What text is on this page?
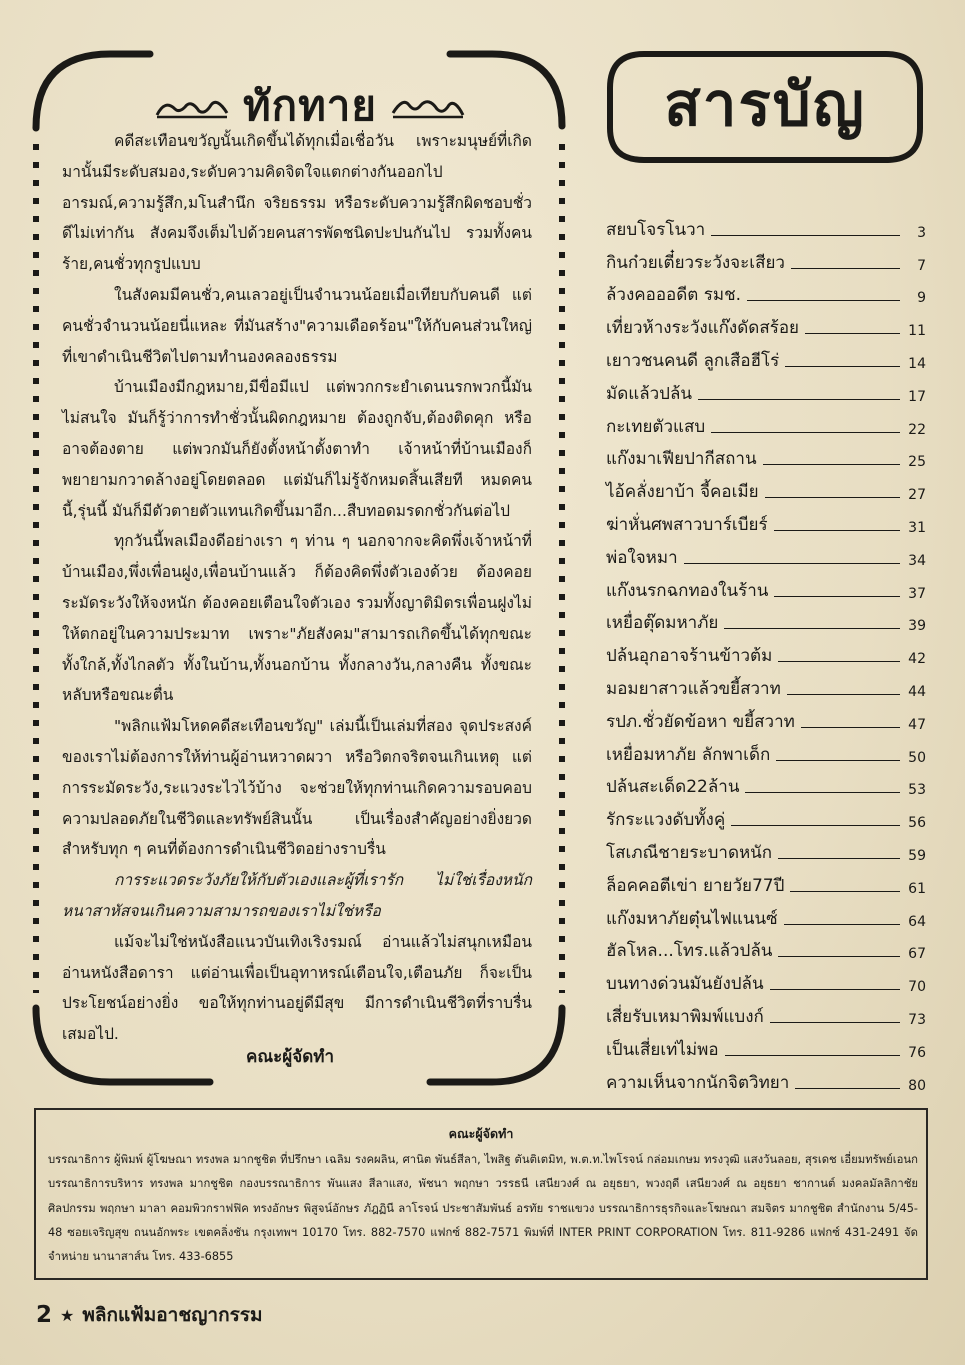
ทักทาย

คดีสะเทือนขวัญนั้นเกิดขึ้นได้ทุกเมื่อเชื่อวัน เพราะมนุษย์ที่เกิดมานั้นมีระดับสมอง,ระดับความคิดจิตใจแตกต่างกันออกไป อารมณ์,ความรู้สึก,มโนสำนึก จริยธรรม หรือระดับความรู้สึกผิดชอบชั่วดีไม่เท่ากัน สังคมจึงเต็มไปด้วยคนสารพัดชนิดปะปนกันไป รวมทั้งคนร้าย,คนชั่วทุกรูปแบบ

ในสังคมมีคนชั่ว,คนเลวอยู่เป็นจำนวนน้อยเมื่อเทียบกับคนดี แต่คนชั่วจำนวนน้อยนี่แหละ ที่มันสร้าง"ความเดือดร้อน"ให้กับคนส่วนใหญ่ที่เขาดำเนินชีวิตไปตามทำนองคลองธรรม

บ้านเมืองมีกฎหมาย,มีขื่อมีแป แต่พวกกระยำเดนนรกพวกนี้มันไม่สนใจ มันก็รู้ว่าการทำชั่วนั้นผิดกฎหมาย ต้องถูกจับ,ต้องติดคุก หรืออาจต้องตาย แต่พวกมันก็ยังตั้งหน้าตั้งตาทำ เจ้าหน้าที่บ้านเมืองก็พยายามกวาดล้างอยู่โดยตลอด แต่มันก็ไม่รู้จักหมดสิ้นเสียที หมดคนนี้,รุ่นนี้ มันก็มีตัวตายตัวแทนเกิดขึ้นมาอีก...สืบทอดมรดกชั่วกันต่อไป

ทุกวันนี้พลเมืองดีอย่างเรา ๆ ท่าน ๆ นอกจากจะคิดพึ่งเจ้าหน้าที่บ้านเมือง,พึ่งเพื่อนฝูง,เพื่อนบ้านแล้ว ก็ต้องคิดพึ่งตัวเองด้วย ต้องคอยระมัดระวังให้จงหนัก ต้องคอยเตือนใจตัวเอง รวมทั้งญาติมิตรเพื่อนฝูงไม่ให้ตกอยู่ในความประมาท เพราะ"ภัยสังคม"สามารถเกิดขึ้นได้ทุกขณะ ทั้งใกล้,ทั้งไกลตัว ทั้งในบ้าน,ทั้งนอกบ้าน ทั้งกลางวัน,กลางคืน ทั้งขณะหลับหรือขณะตื่น

"พลิกแฟ้มโหดคดีสะเทือนขวัญ" เล่มนี้เป็นเล่มที่สอง จุดประสงค์ของเราไม่ต้องการให้ท่านผู้อ่านหวาดผวา หรือวิตกจริตจนเกินเหตุ แต่การระมัดระวัง,ระแวงระไวไว้บ้าง จะช่วยให้ทุกท่านเกิดความรอบคอบ ความปลอดภัยในชีวิตและทรัพย์สินนั้น เป็นเรื่องสำคัญอย่างยิ่งยวด สำหรับทุก ๆ คนที่ต้องการดำเนินชีวิตอย่างราบรื่น

การระแวดระวังภัยให้กับตัวเองและผู้ที่เรารัก ไม่ใช่เรื่องหนักหนาสาหัสจนเกินความสามารถของเราไม่ใช่หรือ

แม้จะไม่ใช่หนังสือแนวบันเทิงเริงรมณ์ อ่านแล้วไม่สนุกเหมือนอ่านหนังสือดารา แต่อ่านเพื่อเป็นอุทาหรณ์เตือนใจ,เตือนภัย ก็จะเป็นประโยชน์อย่างยิ่ง ขอให้ทุกท่านอยู่ดีมีสุข มีการดำเนินชีวิตที่ราบรื่นเสมอไป.

คณะผู้จัดทำ
สารบัญ
สยบโจรโนวา	3
กินก๋วยเตี๋ยวระวังจะเสียว	7
ล้วงคอออดีต รมช.	9
เที่ยวห้างระวังแก๊งดัดสร้อย	11
เยาวชนคนดี ลูกเสือฮีโร่	14
มัดแล้วปล้น	17
กะเทยตัวแสบ	22
แก๊งมาเฟียปากีสถาน	25
ไอ้คลั่งยาบ้า จี้คอเมีย	27
ฆ่าหั่นศพสาวบาร์เบียร์	31
พ่อใจหมา	34
แก๊งนรกฉกทองในร้าน	37
เหยื่อตุ๊ดมหาภัย	39
ปล้นอุกอาจร้านข้าวต้ม	42
มอมยาสาวแล้วขยี้สวาท	44
รปภ.ชั่วยัดข้อหา ขยี้สวาท	47
เหยื่อมหาภัย ลักพาเด็ก	50
ปล้นสะเด็ด22ล้าน	53
รักระแวงดับทั้งคู่	56
โสเภณีชายระบาดหนัก	59
ล็อคคอตีเข่า ยายวัย77ปี	61
แก๊งมหาภัยตุ๋นไฟแนนซ์	64
ฮัลโหล...โทร.แล้วปล้น	67
บนทางด่วนมันยังปล้น	70
เสี่ยรับเหมาพิมพ์แบงก์	73
เป็นเสี่ยเท่ไม่พอ	76
ความเห็นจากนักจิตวิทยา	80
คณะผู้จัดทำ
บรรณาธิการ ผู้พิมพ์ ผู้โฆษณา ทรงพล มากชูชิต ที่ปรึกษา เฉลิม รงคผลิน, ศานิต พันธ์สีลา, ไพสิฐ ตันติเตมิท, พ.ต.ท.ไพโรจน์ กล่อมเกษม ทรงวุฒิ แสงวันลอย, สุรเดช เอี่ยมทรัพย์เอนก บรรณาธิการบริหาร ทรงพล มากชูชิต กองบรรณาธิการ พันแสง สีลาแสง, พัชนา พฤกษา วรรธนี เสนียวงศ์ ณ อยุธยา, พวงฤดี เสนียวงศ์ ณ อยุธยา ชากานต์ มงคลมัลลิกาชัย ศิลปกรรม พฤกษา มาลา คอมพิวกราฟฟิค ทรงอักษร พิสูจน์อักษร ภัฎฏินี ลาโรจน์ ประชาสัมพันธ์ อรทัย ราชแขวง บรรณาธิการธุรกิจและโฆษณา สมจิตร มากชูชิต สำนักงาน 5/45-48 ซอยเจริญสุข ถนนอักพระ เขตคลิ่งชัน กรุงเทพฯ 10170 โทร. 882-7570 แฟกซ์ 882-7571 พิมพ์ที่ INTER PRINT CORPORATION โทร. 811-9286 แฟกซ์ 431-2491 จัดจำหน่าย นานาสาส์น โทร. 433-6855
2 ★ พลิกแฟ้มอาชญากรรม
